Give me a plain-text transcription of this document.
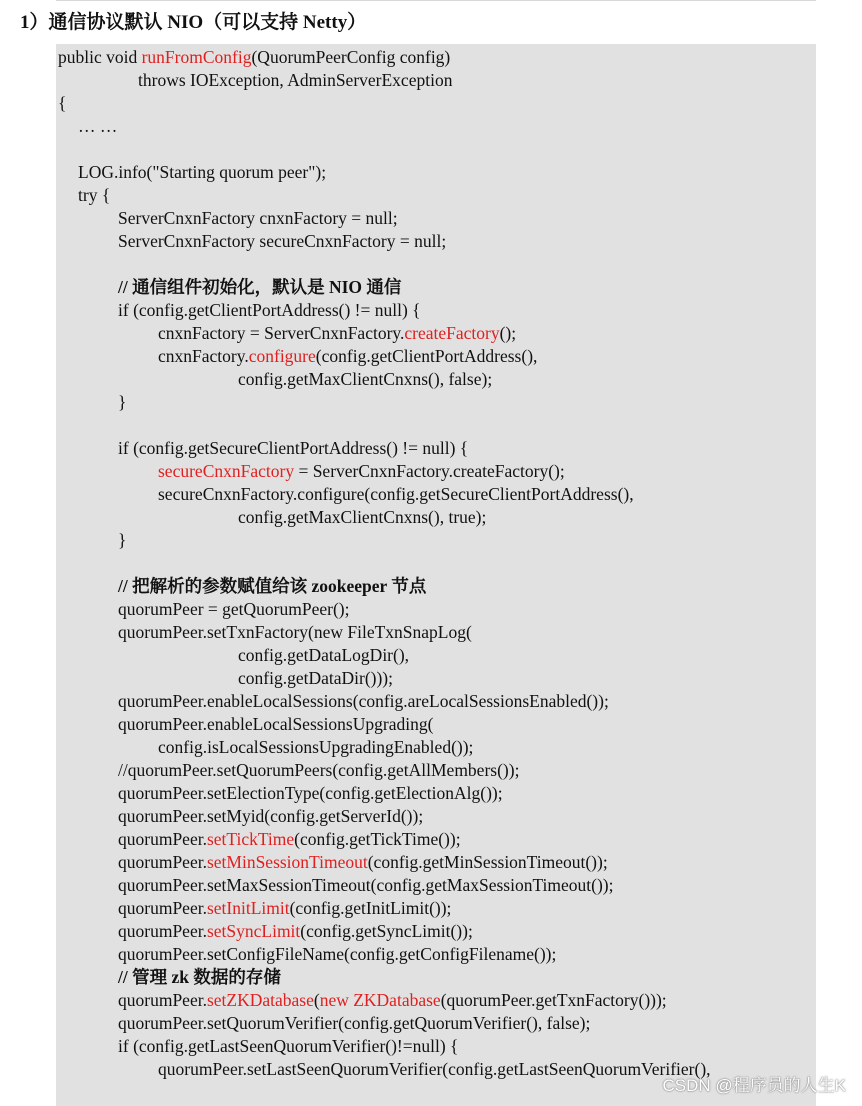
1）通信协议默认 NIO（可以支持 Netty）
public void runFromConfig(QuorumPeerConfig config)
throws IOException, AdminServerException
{
… …
LOG.info("Starting quorum peer");
try {
ServerCnxnFactory cnxnFactory = null;
ServerCnxnFactory secureCnxnFactory = null;
// 通信组件初始化，默认是 NIO 通信
if (config.getClientPortAddress() != null) {
cnxnFactory = ServerCnxnFactory.createFactory();
cnxnFactory.configure(config.getClientPortAddress(),
config.getMaxClientCnxns(), false);
}
if (config.getSecureClientPortAddress() != null) {
secureCnxnFactory = ServerCnxnFactory.createFactory();
secureCnxnFactory.configure(config.getSecureClientPortAddress(),
config.getMaxClientCnxns(), true);
}
// 把解析的参数赋值给该 zookeeper 节点
quorumPeer = getQuorumPeer();
quorumPeer.setTxnFactory(new FileTxnSnapLog(
config.getDataLogDir(),
config.getDataDir()));
quorumPeer.enableLocalSessions(config.areLocalSessionsEnabled());
quorumPeer.enableLocalSessionsUpgrading(
config.isLocalSessionsUpgradingEnabled());
//quorumPeer.setQuorumPeers(config.getAllMembers());
quorumPeer.setElectionType(config.getElectionAlg());
quorumPeer.setMyid(config.getServerId());
quorumPeer.setTickTime(config.getTickTime());
quorumPeer.setMinSessionTimeout(config.getMinSessionTimeout());
quorumPeer.setMaxSessionTimeout(config.getMaxSessionTimeout());
quorumPeer.setInitLimit(config.getInitLimit());
quorumPeer.setSyncLimit(config.getSyncLimit());
quorumPeer.setConfigFileName(config.getConfigFilename());
// 管理 zk 数据的存储
quorumPeer.setZKDatabase(new ZKDatabase(quorumPeer.getTxnFactory()));
quorumPeer.setQuorumVerifier(config.getQuorumVerifier(), false);
if (config.getLastSeenQuorumVerifier()!=null) {
quorumPeer.setLastSeenQuorumVerifier(config.getLastSeenQuorumVerifier(),
CSDN @程序员的人生K
